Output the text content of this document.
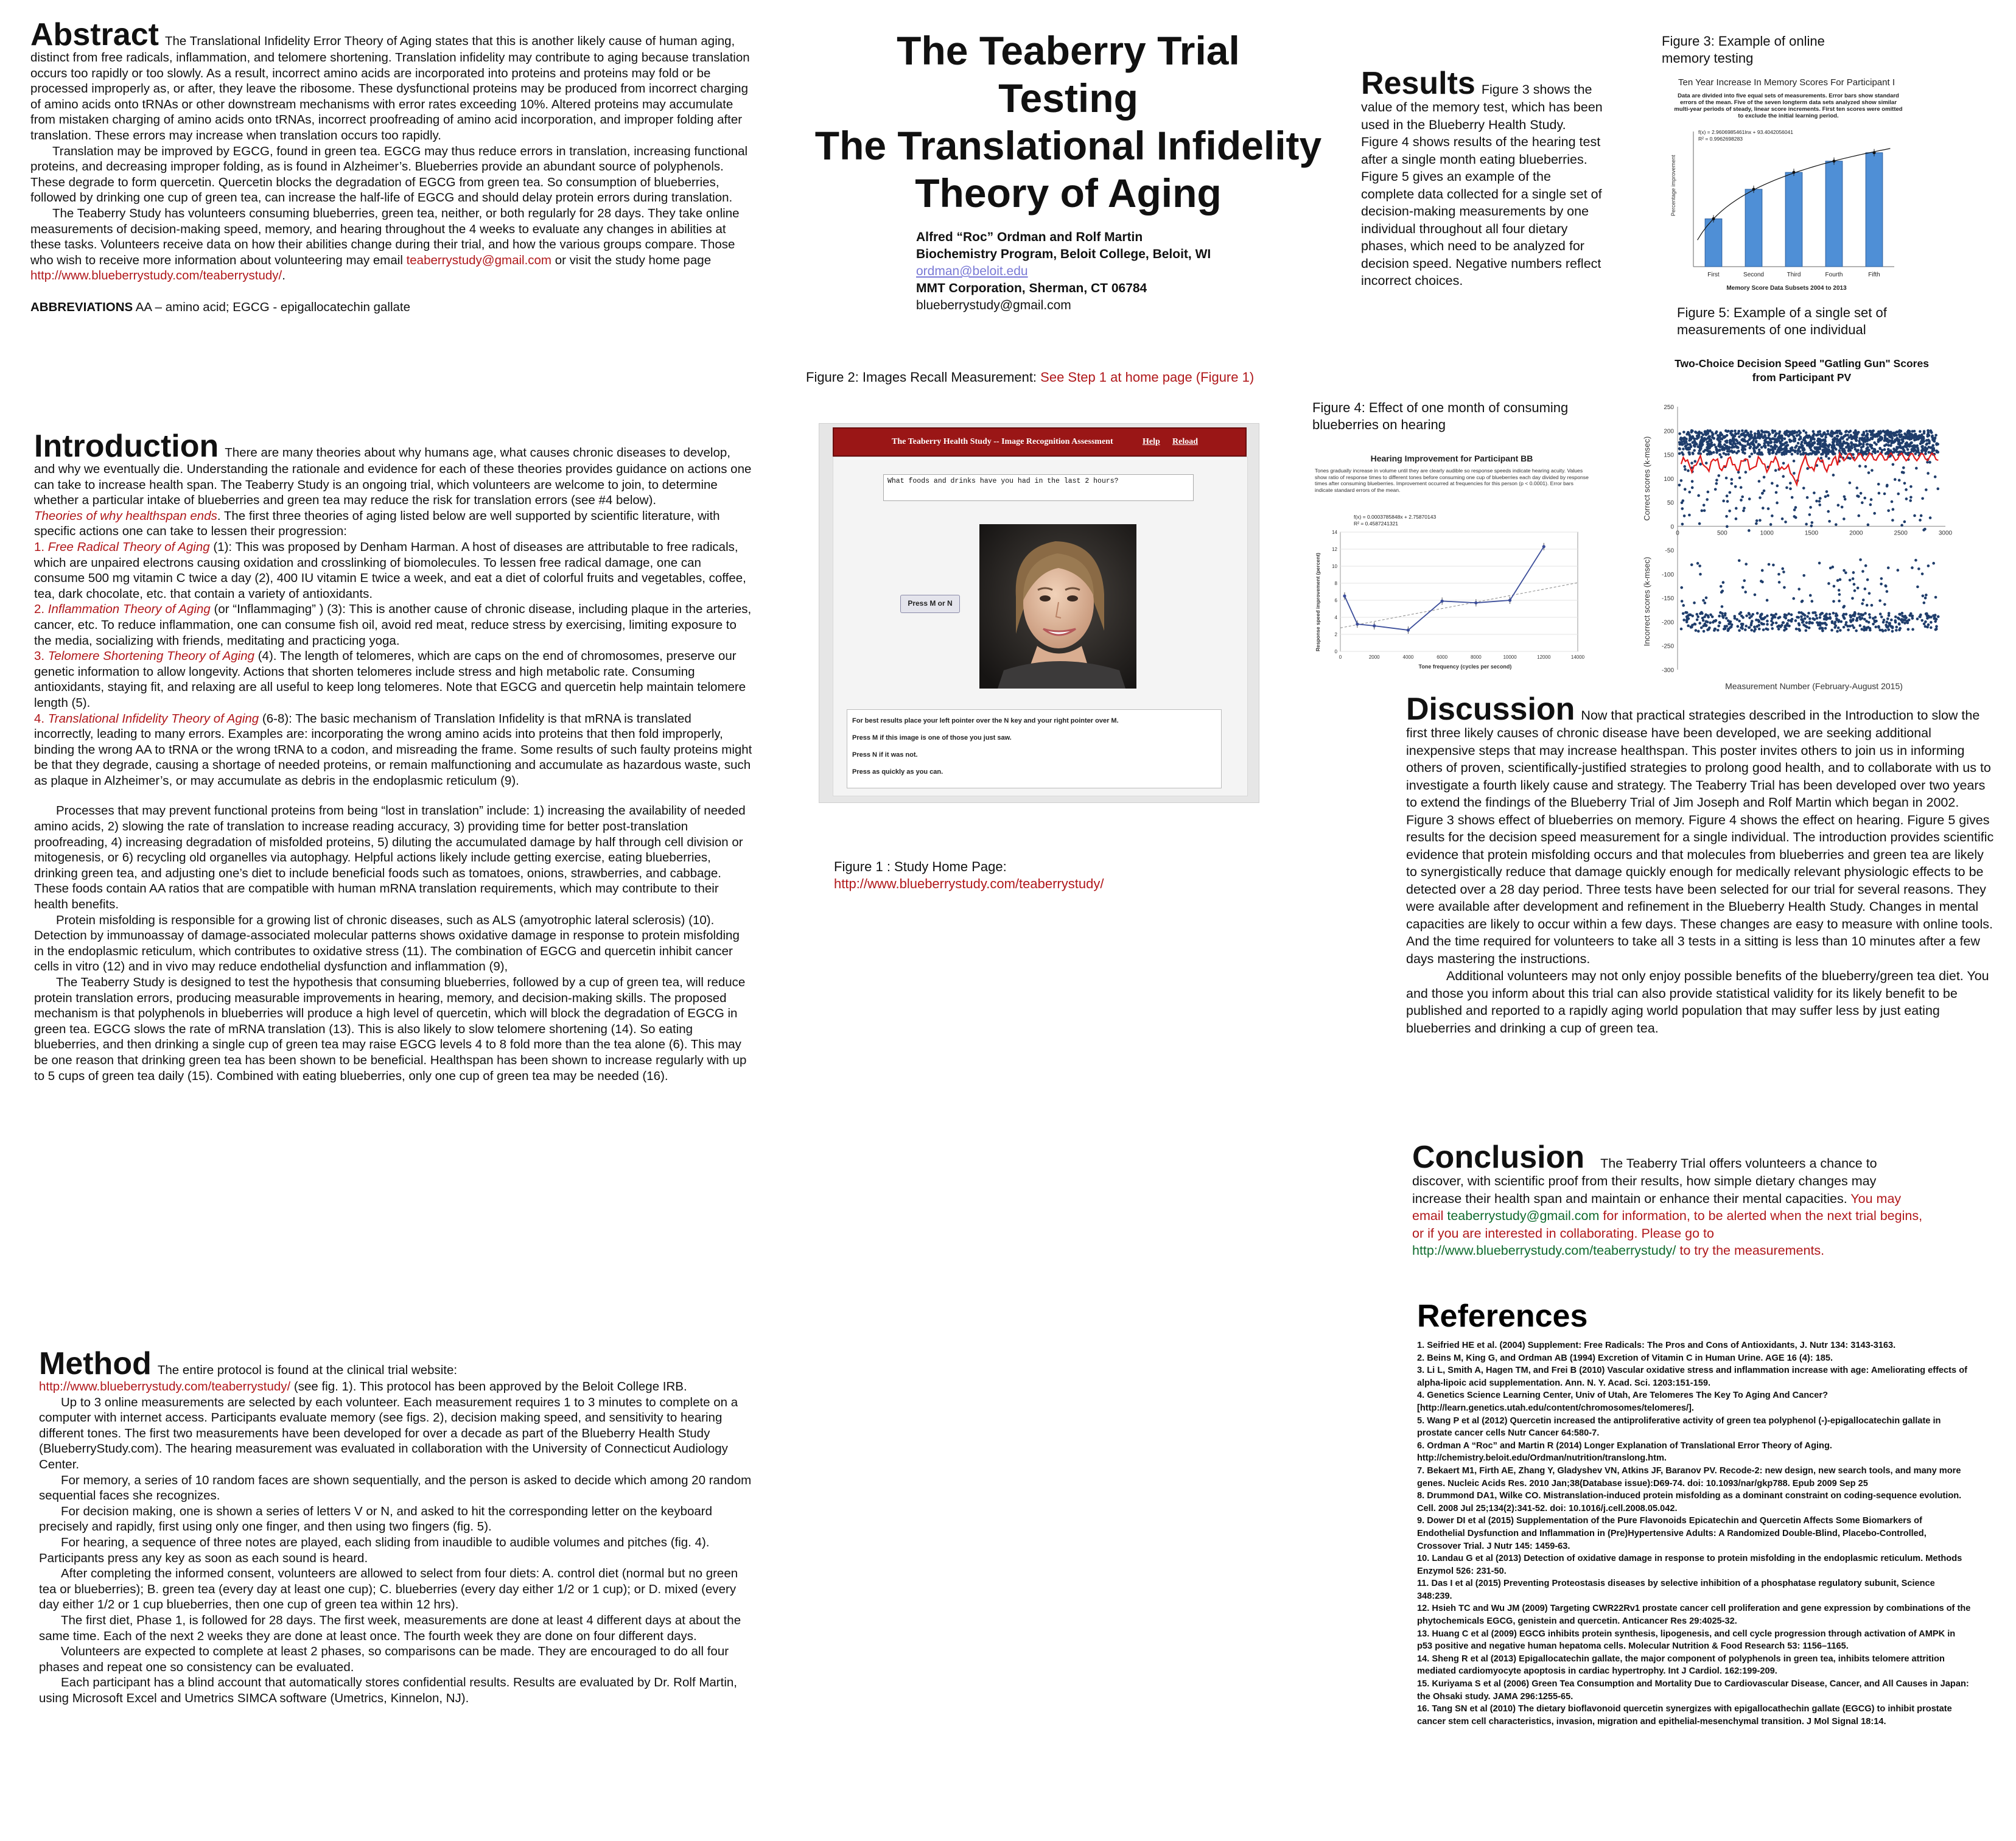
Abstract The Translational Infidelity Error Theory of Aging states that this is another likely cause of human aging, distinct from free radicals, inflammation, and telomere shortening. Translation infidelity may contribute to aging because translation occurs too rapidly or too slowly. As a result, incorrect amino acids are incorporated into proteins and proteins may fold or be processed improperly as, or after, they leave the ribosome. These dysfunctional proteins may be produced from incorrect charging of amino acids onto tRNAs or other downstream mechanisms with error rates exceeding 10%. Altered proteins may accumulate from mistaken charging of amino acids onto tRNAs, incorrect proofreading of amino acid incorporation, and improper folding after translation. These errors may increase when translation occurs too rapidly.

Translation may be improved by EGCG, found in green tea. EGCG may thus reduce errors in translation, increasing functional proteins, and decreasing improper folding, as is found in Alzheimer’s. Blueberries provide an abundant source of polyphenols. These degrade to form quercetin. Quercetin blocks the degradation of EGCG from green tea. So consumption of blueberries, followed by drinking one cup of green tea, can increase the half-life of EGCG and should delay protein errors during translation.

The Teaberry Study has volunteers consuming blueberries, green tea, neither, or both regularly for 28 days. They take online measurements of decision-making speed, memory, and hearing throughout the 4 weeks to evaluate any changes in abilities at these tasks. Volunteers receive data on how their abilities change during their trial, and how the various groups compare. Those who wish to receive more information about volunteering may email teaberrystudy@gmail.com or visit the study home page
http://www.blueberrystudy.com/teaberrystudy/.

ABBREVIATIONS AA – amino acid; EGCG - epigallocatechin gallate

Introduction There are many theories about why humans age, what causes chronic diseases to develop, and why we eventually die. Understanding the rationale and evidence for each of these theories provides guidance on actions one can take to increase health span. The Teaberry Study is an ongoing trial, which volunteers are welcome to join, to determine whether a particular intake of blueberries and green tea may reduce the risk for translation errors (see #4 below).

Theories of why healthspan ends. The first three theories of aging listed below are well supported by scientific literature, with specific actions one can take to lessen their progression:

1. Free Radical Theory of Aging (1): This was proposed by Denham Harman. A host of diseases are attributable to free radicals, which are unpaired electrons causing oxidation and crosslinking of biomolecules. To lessen free radical damage, one can consume 500 mg vitamin C twice a day (2), 400 IU vitamin E twice a week, and eat a diet of colorful fruits and vegetables, coffee, tea, dark chocolate, etc. that contain a variety of antioxidants.

2. Inflammation Theory of Aging (or “Inflammaging” ) (3): This is another cause of chronic disease, including plaque in the arteries, cancer, etc. To reduce inflammation, one can consume fish oil, avoid red meat, reduce stress by exercising, limiting exposure to the media, socializing with friends, meditating and practicing yoga.

3. Telomere Shortening Theory of Aging (4). The length of telomeres, which are caps on the end of chromosomes, preserve our genetic information to allow longevity. Actions that shorten telomeres include stress and high metabolic rate. Consuming antioxidants, staying fit, and relaxing are all useful to keep long telomeres. Note that EGCG and quercetin help maintain telomere length (5).

4. Translational Infidelity Theory of Aging (6-8): The basic mechanism of Translation Infidelity is that mRNA is translated incorrectly, leading to many errors. Examples are: incorporating the wrong amino acids into proteins that then fold improperly, binding the wrong AA to tRNA or the wrong tRNA to a codon, and misreading the frame. Some results of such faulty proteins might be that they degrade, causing a shortage of needed proteins, or remain malfunctioning and accumulate as hazardous waste, such as plaque in Alzheimer’s, or may accumulate as debris in the endoplasmic reticulum (9).

Processes that may prevent functional proteins from being “lost in translation” include: 1) increasing the availability of needed amino acids, 2) slowing the rate of translation to increase reading accuracy, 3) providing time for better post-translation proofreading, 4) increasing degradation of misfolded proteins, 5) diluting the accumulated damage by half through cell division or mitogenesis, or 6) recycling old organelles via autophagy. Helpful actions likely include getting exercise, eating blueberries, drinking green tea, and adjusting one’s diet to include beneficial foods such as tomatoes, onions, strawberries, and cabbage. These foods contain AA ratios that are compatible with human mRNA translation requirements, which may contribute to their health benefits.

Protein misfolding is responsible for a growing list of chronic diseases, such as ALS (amyotrophic lateral sclerosis) (10). Detection by immunoassay of damage-associated molecular patterns shows oxidative damage in response to protein misfolding in the endoplasmic reticulum, which contributes to oxidative stress (11). The combination of EGCG and quercetin inhibit cancer cells in vitro (12) and in vivo may reduce endothelial dysfunction and inflammation (9),

The Teaberry Study is designed to test the hypothesis that consuming blueberries, followed by a cup of green tea, will reduce protein translation errors, producing measurable improvements in hearing, memory, and decision-making skills. The proposed mechanism is that polyphenols in blueberries will produce a high level of quercetin, which will block the degradation of EGCG in green tea. EGCG slows the rate of mRNA translation (13). This is also likely to slow telomere shortening (14). So eating blueberries, and then drinking a single cup of green tea may raise EGCG levels 4 to 8 fold more than the tea alone (6). This may be one reason that drinking green tea has been shown to be beneficial. Healthspan has been shown to increase regularly with up to 5 cups of green tea daily (15). Combined with eating blueberries, only one cup of green tea may be needed (16).

Method The entire protocol is found at the clinical trial website:
http://www.blueberrystudy.com/teaberrystudy/ (see fig. 1). This protocol has been approved by the Beloit College IRB.

Up to 3 online measurements are selected by each volunteer. Each measurement requires 1 to 3 minutes to complete on a computer with internet access. Participants evaluate memory (see figs. 2), decision making speed, and sensitivity to hearing different tones. The first two measurements have been developed for over a decade as part of the Blueberry Health Study (BlueberryStudy.com). The hearing measurement was evaluated in collaboration with the University of Connecticut Audiology Center.

For memory, a series of 10 random faces are shown sequentially, and the person is asked to decide which among 20 random sequential faces she recognizes.

For decision making, one is shown a series of letters V or N, and asked to hit the corresponding letter on the keyboard precisely and rapidly, first using only one finger, and then using two fingers (fig. 5).

For hearing, a sequence of three notes are played, each sliding from inaudible to audible volumes and pitches (fig. 4). Participants press any key as soon as each sound is heard.

After completing the informed consent, volunteers are allowed to select from four diets: A. control diet (normal but no green tea or blueberries); B. green tea (every day at least one cup); C. blueberries (every day either 1/2 or 1 cup); or D. mixed (every day either 1/2 or 1 cup blueberries, then one cup of green tea within 12 hrs).

The first diet, Phase 1, is followed for 28 days. The first week, measurements are done at least 4 different days at about the same time. Each of the next 2 weeks they are done at least once. The fourth week they are done on four different days.

Volunteers are expected to complete at least 2 phases, so comparisons can be made. They are encouraged to do all four phases and repeat one so consistency can be evaluated.

Each participant has a blind account that automatically stores confidential results. Results are evaluated by Dr. Rolf Martin, using Microsoft Excel and Umetrics SIMCA software (Umetrics, Kinnelon, NJ).

The Teaberry Trial
Testing
The Translational Infidelity
Theory of Aging
Alfred “Roc” Ordman and Rolf Martin
Biochemistry Program, Beloit College, Beloit, WI
ordman@beloit.edu
MMT Corporation, Sherman, CT 06784
blueberrystudy@gmail.com
Figure 2: Images Recall Measurement: See Step 1 at home page (Figure 1)
The Teaberry Health Study -- Image Recognition Assessment	Help Reload
What foods and drinks have you had in the last 2 hours?
Press M or N
For best results place your left pointer over the N key and your right pointer over M.
Press M if this image is one of those you just saw.
Press N if it was not.
Press as quickly as you can.
Figure 1 : Study Home Page:
http://www.blueberrystudy.com/teaberrystudy/
Results Figure 3 shows the value of the memory test, which has been used in the Blueberry Health Study. Figure 4 shows results of the hearing test after a single month eating blueberries. Figure 5 gives an example of the complete data collected for a single set of decision-making measurements by one individual throughout all four dietary phases, which need to be analyzed for decision speed. Negative numbers reflect incorrect choices.
Figure 3: Example of online memory testing
Ten Year Increase In Memory Scores For Participant I
Data are divided into five equal sets of measurements. Error bars show standard errors of the mean. Five of the seven longterm data sets analyzed show similar multi-year periods of steady, linear score increments. First ten scores were omitted to exclude the initial learning period.
f(x) = 2.9606985461lnx + 93.4042056041
R² = 0.9962698283
Percentage improvement
Memory Score Data Subsets 2004 to 2013
First	Second	Third	Fourth	Fifth
Figure 5: Example of a single set of measurements of one individual
Figure 4: Effect of one month of consuming blueberries on hearing
Hearing Improvement for Participant BB
Tones gradually increase in volume until they are clearly audible so response speeds indicate hearing acuity. Values show ratio of response times to different tones before consuming one cup of blueberries each day divided by response times after consuming blueberries. Improvement occurred at frequencies for this person (p < 0.0001). Error bars indicate standard errors of the mean.
f(x) = 0.0003785848x + 2.75870143
R² = 0.4587241321
Response speed improvement (percent)
Tone frequency (cycles per second)
0
2
4
6
8
10
12
14
0	2000	4000	6000	8000	10000	12000	14000
Two-Choice Decision Speed "Gatling Gun" Scores from Participant PV
Correct scores (k-msec)
Incorrect scores (k-msec)
Measurement Number (February-August 2015)
250
200
150
100
50
0
-50
-100
-150
-200
-250
-300
0	500	1000	1500	2000	2500	3000

Discussion Now that practical strategies described in the Introduction to slow the first three likely causes of chronic disease have been developed, we are seeking additional inexpensive steps that may increase healthspan. This poster invites others to join us in informing others of proven, scientifically-justified strategies to prolong good health, and to collaborate with us to investigate a fourth likely cause and strategy. The Teaberry Trial has been developed over two years to extend the findings of the Blueberry Trial of Jim Joseph and Rolf Martin which began in 2002. Figure 3 shows effect of blueberries on memory. Figure 4 shows the effect on hearing. Figure 5 gives results for the decision speed measurement for a single individual. The introduction provides scientific evidence that protein misfolding occurs and that molecules from blueberries and green tea are likely to synergistically reduce that damage quickly enough for medically relevant physiologic effects to be detected over a 28 day period. Three tests have been selected for our trial for several reasons. They were available after development and refinement in the Blueberry Health Study. Changes in mental capacities are likely to occur within a few days. These changes are easy to measure with online tools. And the time required for volunteers to take all 3 tests in a sitting is less than 10 minutes after a few days mastering the instructions.

Additional volunteers may not only enjoy possible benefits of the blueberry/green tea diet. You and those you inform about this trial can also provide statistical validity for its likely benefit to be published and reported to a rapidly aging world population that may suffer less by just eating blueberries and drinking a cup of green tea.

Conclusion The Teaberry Trial offers volunteers a chance to discover, with scientific proof from their results, how simple dietary changes may increase their health span and maintain or enhance their mental capacities. You may email teaberrystudy@gmail.com for information, to be alerted when the next trial begins, or if you are interested in collaborating. Please go to http://www.blueberrystudy.com/teaberrystudy/ to try the measurements.
References
1. Seifried HE et al. (2004) Supplement: Free Radicals: The Pros and Cons of Antioxidants, J. Nutr 134: 3143-3163.
2. Beins M, King G, and Ordman AB (1994) Excretion of Vitamin C in Human Urine. AGE 16 (4): 185.
3. Li L, Smith A, Hagen TM, and Frei B (2010) Vascular oxidative stress and inflammation increase with age: Ameliorating effects of alpha-lipoic acid supplementation. Ann. N. Y. Acad. Sci. 1203:151-159.
4. Genetics Science Learning Center, Univ of Utah, Are Telomeres The Key To Aging And Cancer? [http://learn.genetics.utah.edu/content/chromosomes/telomeres/].
5. Wang P et al (2012) Quercetin increased the antiproliferative activity of green tea polyphenol (-)-epigallocatechin gallate in prostate cancer cells Nutr Cancer 64:580-7.
6. Ordman A “Roc” and Martin R (2014) Longer Explanation of Translational Error Theory of Aging. http://chemistry.beloit.edu/Ordman/nutrition/translong.htm.
7. Bekaert M1, Firth AE, Zhang Y, Gladyshev VN, Atkins JF, Baranov PV. Recode-2: new design, new search tools, and many more genes. Nucleic Acids Res. 2010 Jan;38(Database issue):D69-74. doi: 10.1093/nar/gkp788. Epub 2009 Sep 25
8. Drummond DA1, Wilke CO. Mistranslation-induced protein misfolding as a dominant constraint on coding-sequence evolution. Cell. 2008 Jul 25;134(2):341-52. doi: 10.1016/j.cell.2008.05.042.
9. Dower DI et al (2015) Supplementation of the Pure Flavonoids Epicatechin and Quercetin Affects Some Biomarkers of Endothelial Dysfunction and Inflammation in (Pre)Hypertensive Adults: A Randomized Double-Blind, Placebo-Controlled, Crossover Trial. J Nutr 145: 1459-63.
10. Landau G et al (2013) Detection of oxidative damage in response to protein misfolding in the endoplasmic reticulum. Methods Enzymol 526: 231-50.
11. Das I et al (2015) Preventing Proteostasis diseases by selective inhibition of a phosphatase regulatory subunit, Science 348:239.
12. Hsieh TC and Wu JM (2009) Targeting CWR22Rv1 prostate cancer cell proliferation and gene expression by combinations of the phytochemicals EGCG, genistein and quercetin. Anticancer Res 29:4025-32.
13. Huang C et al (2009) EGCG inhibits protein synthesis, lipogenesis, and cell cycle progression through activation of AMPK in p53 positive and negative human hepatoma cells. Molecular Nutrition & Food Research 53: 1156–1165.
14. Sheng R et al (2013) Epigallocatechin gallate, the major component of polyphenols in green tea, inhibits telomere attrition mediated cardiomyocyte apoptosis in cardiac hypertrophy. Int J Cardiol. 162:199-209.
15. Kuriyama S et al (2006) Green Tea Consumption and Mortality Due to Cardiovascular Disease, Cancer, and All Causes in Japan: the Ohsaki study. JAMA 296:1255-65.
16. Tang SN et al (2010) The dietary bioflavonoid quercetin synergizes with epigallocathechin gallate (EGCG) to inhibit prostate cancer stem cell characteristics, invasion, migration and epithelial-mesenchymal transition. J Mol Signal 18:14.
